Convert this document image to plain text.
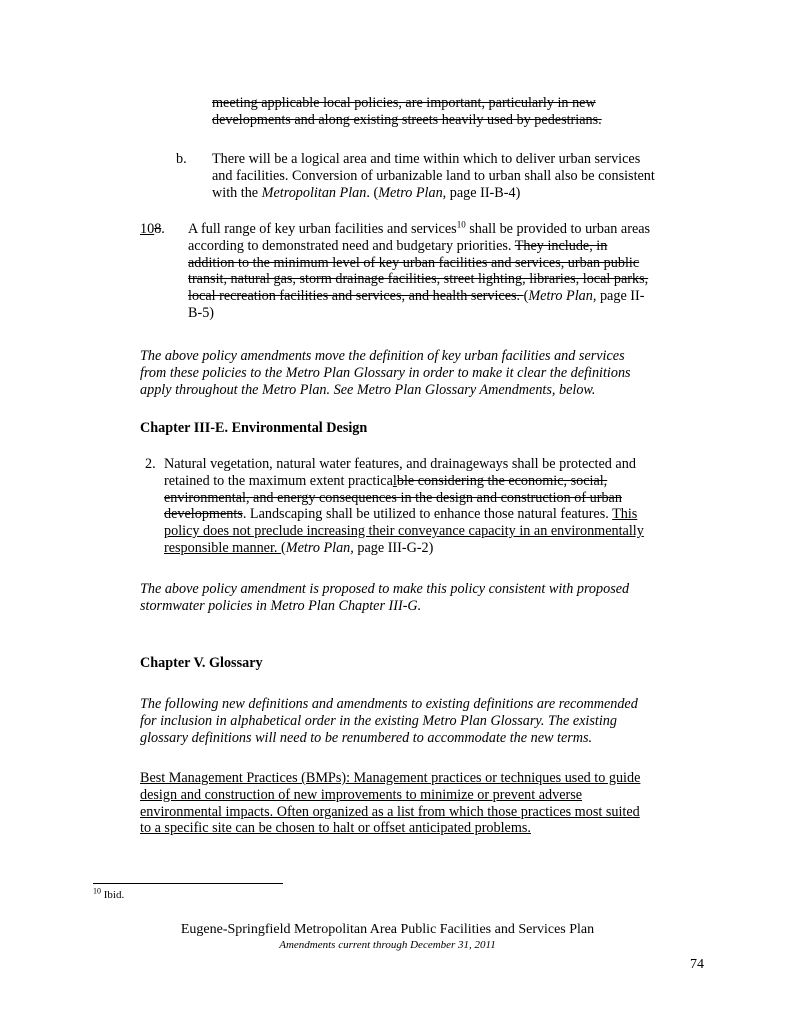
meeting applicable local policies, are important, particularly in new
developments and along existing streets heavily used by pedestrians.
b. There will be a logical area and time within which to deliver urban services
and facilities. Conversion of urbanizable land to urban shall also be consistent
with the Metropolitan Plan. (Metro Plan, page II-B-4)
108. A full range of key urban facilities and services$^{10}$ shall be provided to urban areas
according to demonstrated need and budgetary priorities. They include, in
addition to the minimum level of key urban facilities and services, urban public
transit, natural gas, storm drainage facilities, street lighting, libraries, local parks,
local recreation facilities and services, and health services. (Metro Plan, page II-
B-5)
The above policy amendments move the definition of key urban facilities and services
from these policies to the Metro Plan Glossary in order to make it clear the definitions
apply throughout the Metro Plan. See Metro Plan Glossary Amendments, below.
Chapter III-E. Environmental Design
2. Natural vegetation, natural water features, and drainageways shall be protected and
retained to the maximum extent practicalble considering the economic, social,
environmental, and energy consequences in the design and construction of urban
developments. Landscaping shall be utilized to enhance those natural features. This
policy does not preclude increasing their conveyance capacity in an environmentally
responsible manner. (Metro Plan, page III-G-2)
The above policy amendment is proposed to make this policy consistent with proposed
stormwater policies in Metro Plan Chapter III-G.
Chapter V. Glossary
The following new definitions and amendments to existing definitions are recommended
for inclusion in alphabetical order in the existing Metro Plan Glossary. The existing
glossary definitions will need to be renumbered to accommodate the new terms.
Best Management Practices (BMPs): Management practices or techniques used to guide
design and construction of new improvements to minimize or prevent adverse
environmental impacts. Often organized as a list from which those practices most suited
to a specific site can be chosen to halt or offset anticipated problems.
$^{10}$ Ibid.
Eugene-Springfield Metropolitan Area Public Facilities and Services Plan
Amendments current through December 31, 2011
74
